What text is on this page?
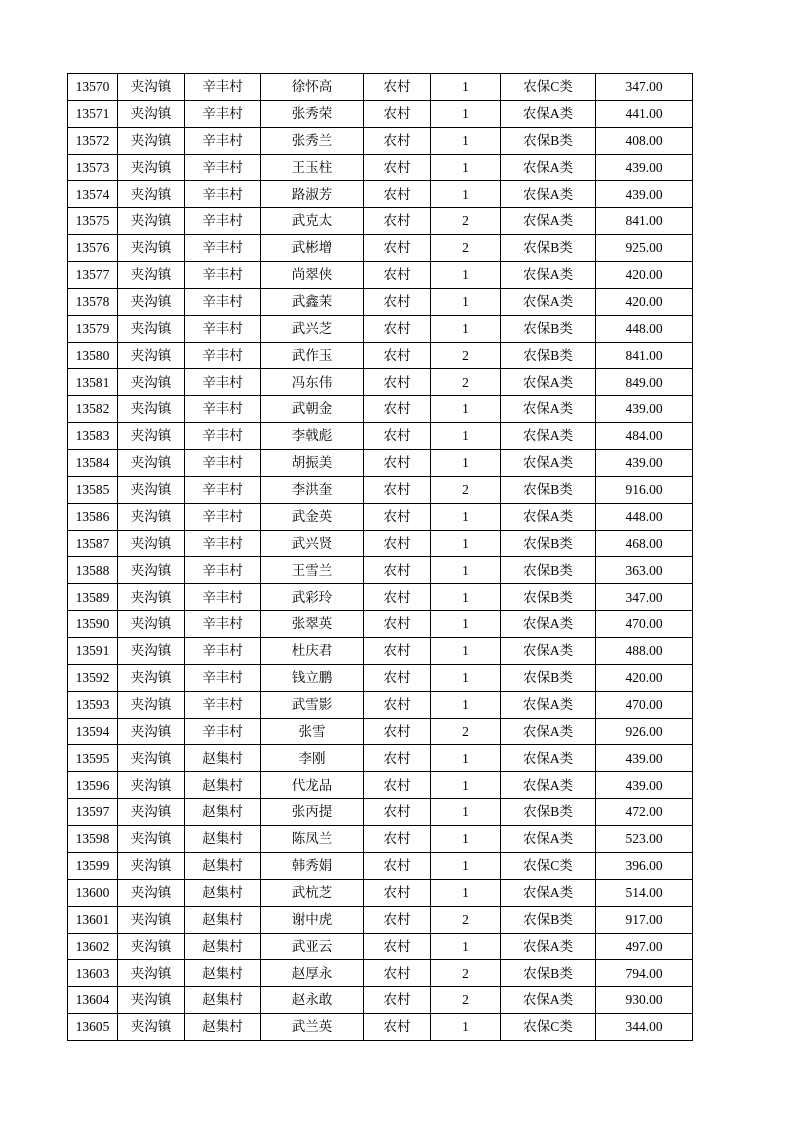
13570	夹沟镇	辛丰村	徐怀高	农村	1	农保C类	347.00
13571	夹沟镇	辛丰村	张秀荣	农村	1	农保A类	441.00
13572	夹沟镇	辛丰村	张秀兰	农村	1	农保B类	408.00
13573	夹沟镇	辛丰村	王玉柱	农村	1	农保A类	439.00
13574	夹沟镇	辛丰村	路淑芳	农村	1	农保A类	439.00
13575	夹沟镇	辛丰村	武克太	农村	2	农保A类	841.00
13576	夹沟镇	辛丰村	武彬增	农村	2	农保B类	925.00
13577	夹沟镇	辛丰村	尚翠侠	农村	1	农保A类	420.00
13578	夹沟镇	辛丰村	武鑫茉	农村	1	农保A类	420.00
13579	夹沟镇	辛丰村	武兴芝	农村	1	农保B类	448.00
13580	夹沟镇	辛丰村	武作玉	农村	2	农保B类	841.00
13581	夹沟镇	辛丰村	冯东伟	农村	2	农保A类	849.00
13582	夹沟镇	辛丰村	武朝金	农村	1	农保A类	439.00
13583	夹沟镇	辛丰村	李戟彪	农村	1	农保A类	484.00
13584	夹沟镇	辛丰村	胡振美	农村	1	农保A类	439.00
13585	夹沟镇	辛丰村	李洪奎	农村	2	农保B类	916.00
13586	夹沟镇	辛丰村	武金英	农村	1	农保A类	448.00
13587	夹沟镇	辛丰村	武兴贤	农村	1	农保B类	468.00
13588	夹沟镇	辛丰村	王雪兰	农村	1	农保B类	363.00
13589	夹沟镇	辛丰村	武彩玲	农村	1	农保B类	347.00
13590	夹沟镇	辛丰村	张翠英	农村	1	农保A类	470.00
13591	夹沟镇	辛丰村	杜庆君	农村	1	农保A类	488.00
13592	夹沟镇	辛丰村	钱立鹏	农村	1	农保B类	420.00
13593	夹沟镇	辛丰村	武雪影	农村	1	农保A类	470.00
13594	夹沟镇	辛丰村	张雪	农村	2	农保A类	926.00
13595	夹沟镇	赵集村	李刚	农村	1	农保A类	439.00
13596	夹沟镇	赵集村	代龙品	农村	1	农保A类	439.00
13597	夹沟镇	赵集村	张丙提	农村	1	农保B类	472.00
13598	夹沟镇	赵集村	陈凤兰	农村	1	农保A类	523.00
13599	夹沟镇	赵集村	韩秀娟	农村	1	农保C类	396.00
13600	夹沟镇	赵集村	武杭芝	农村	1	农保A类	514.00
13601	夹沟镇	赵集村	谢中虎	农村	2	农保B类	917.00
13602	夹沟镇	赵集村	武亚云	农村	1	农保A类	497.00
13603	夹沟镇	赵集村	赵厚永	农村	2	农保B类	794.00
13604	夹沟镇	赵集村	赵永敢	农村	2	农保A类	930.00
13605	夹沟镇	赵集村	武兰英	农村	1	农保C类	344.00
